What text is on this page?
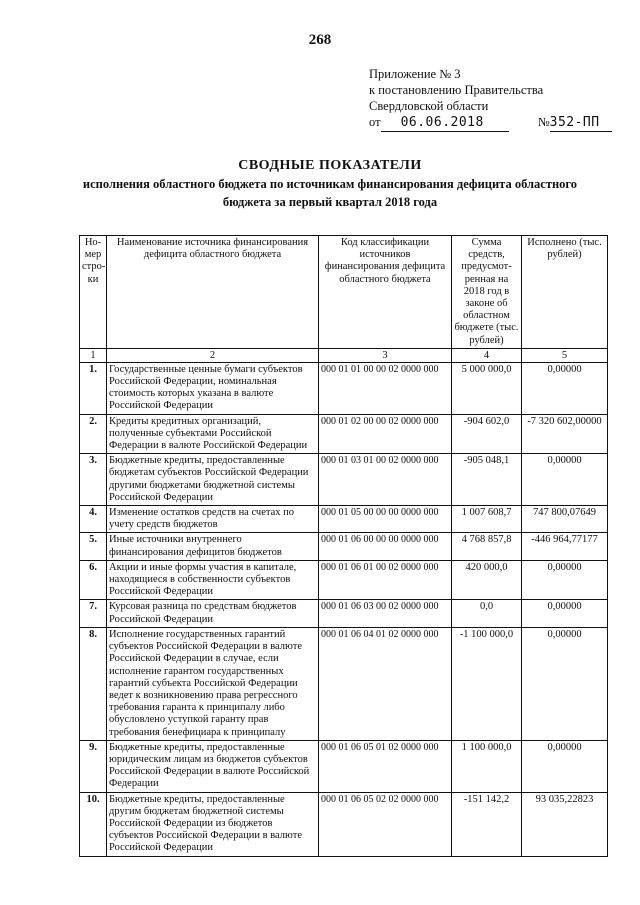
268
Приложение № 3
к постановлению Правительства
Свердловской области
от 06.06.2018	№352-ПП
СВОДНЫЕ ПОКАЗАТЕЛИ
исполнения областного бюджета по источникам финансирования дефицита областного
бюджета за первый квартал 2018 года
Но-мер стро-ки	Наименование источника финансирования дефицита областного бюджета	Код классификации источников финансирования дефицита областного бюджета	Сумма средств, предусмот-ренная на 2018 год в законе об областном бюджете (тыс. рублей)	Исполнено (тыс. рублей)
1	2	3	4	5
1.	Государственные ценные бумаги субъектов Российской Федерации, номинальная стоимость которых указана в валюте Российской Федерации	000 01 01 00 00 02 0000 000	5 000 000,0	0,00000
2.	Кредиты кредитных организаций, полученные субъектами Российской Федерации в валюте Российской Федерации	000 01 02 00 00 02 0000 000	-904 602,0	-7 320 602,00000
3.	Бюджетные кредиты, предоставленные бюджетам субъектов Российской Федерации другими бюджетами бюджетной системы Российской Федерации	000 01 03 01 00 02 0000 000	-905 048,1	0,00000
4.	Изменение остатков средств на счетах по учету средств бюджетов	000 01 05 00 00 00 0000 000	1 007 608,7	747 800,07649
5.	Иные источники внутреннего финансирования дефицитов бюджетов	000 01 06 00 00 00 0000 000	4 768 857,8	-446 964,77177
6.	Акции и иные формы участия в капитале, находящиеся в собственности субъектов Российской Федерации	000 01 06 01 00 02 0000 000	420 000,0	0,00000
7.	Курсовая разница по средствам бюджетов Российской Федерации	000 01 06 03 00 02 0000 000	0,0	0,00000
8.	Исполнение государственных гарантий субъектов Российской Федерации в валюте Российской Федерации в случае, если исполнение гарантом государственных гарантий субъекта Российской Федерации ведет к возникновению права регрессного требования гаранта к принципалу либо обусловлено уступкой гаранту прав требования бенефициара к принципалу	000 01 06 04 01 02 0000 000	-1 100 000,0	0,00000
9.	Бюджетные кредиты, предоставленные юридическим лицам из бюджетов субъектов Российской Федерации в валюте Российской Федерации	000 01 06 05 01 02 0000 000	1 100 000,0	0,00000
10.	Бюджетные кредиты, предоставленные другим бюджетам бюджетной системы Российской Федерации из бюджетов субъектов Российской Федерации в валюте Российской Федерации	000 01 06 05 02 02 0000 000	-151 142,2	93 035,22823
